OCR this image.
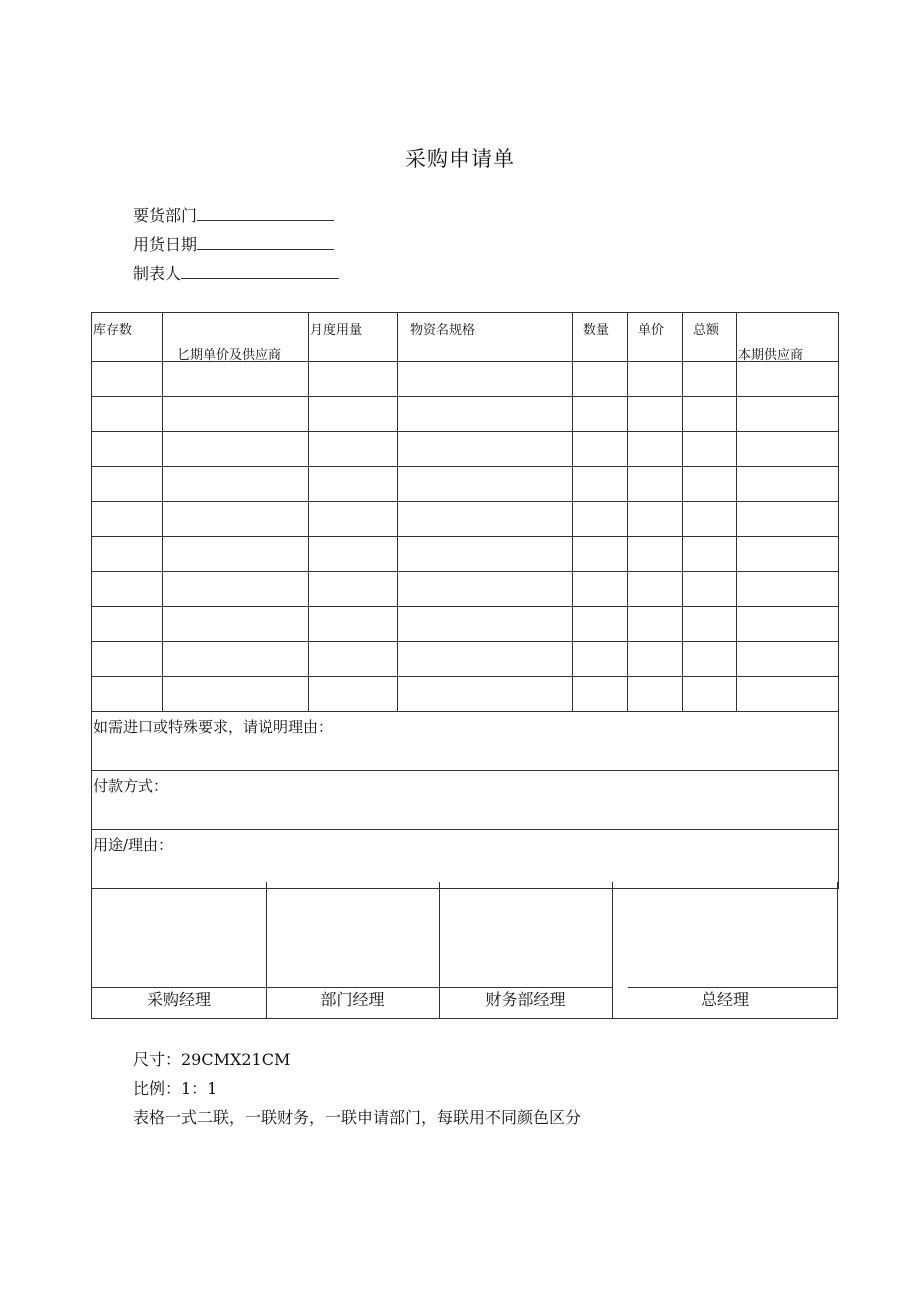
采购申请单
要货部门
用货日期
制表人
库存数	匕期单价及供应商	月度用量	物资名规格	数量	单价	总额	本期供应商

如需进口或特殊要求，请说明理由：							
付款方式：							
用途/理由：							
采购经理	部门经理	财务部经理	总经理
尺寸：29CMX21CM
比例：1：1
表格一式二联，一联财务，一联申请部门，每联用不同颜色区分
